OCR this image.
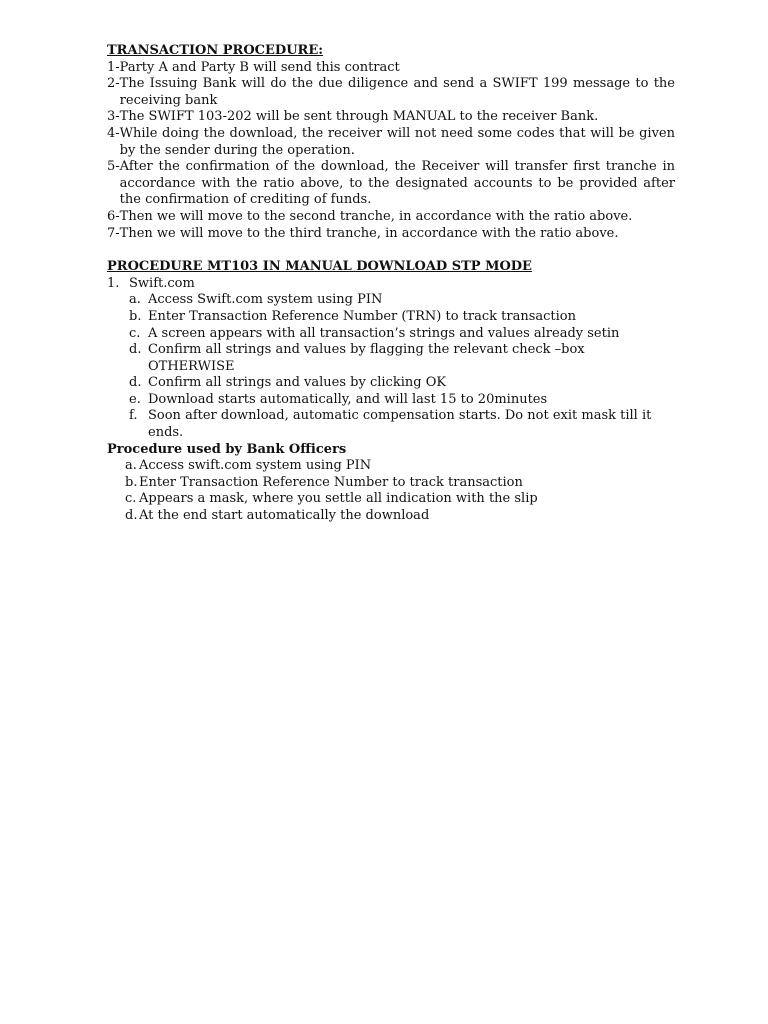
TRANSACTION PROCEDURE:

1- Party A and Party B will send this contract
2- The Issuing Bank will do the due diligence and send a SWIFT 199 message to the receiving bank
3- The SWIFT 103-202 will be sent through MANUAL to the receiver Bank.
4- While doing the download, the receiver will not need some codes that will be given by the sender during the operation.
5- After the confirmation of the download, the Receiver will transfer first tranche in accordance with the ratio above, to the designated accounts to be provided after the confirmation of crediting of funds.
6- Then we will move to the second tranche, in accordance with the ratio above.
7- Then we will move to the third tranche, in accordance with the ratio above.

PROCEDURE MT103 IN MANUAL DOWNLOAD STP MODE

1. Swift.com
a. Access Swift.com system using PIN
b. Enter Transaction Reference Number (TRN) to track transaction
c. A screen appears with all transaction’s strings and values already setin
d. Confirm all strings and values by flagging the relevant check –box OTHERWISE
d. Confirm all strings and values by clicking OK
e. Download starts automatically, and will last 15 to 20minutes
f. Soon after download, automatic compensation starts. Do not exit mask till it ends.

Procedure used by Bank Officers

a. Access swift.com system using PIN
b. Enter Transaction Reference Number to track transaction
c. Appears a mask, where you settle all indication with the slip
d. At the end start automatically the download
